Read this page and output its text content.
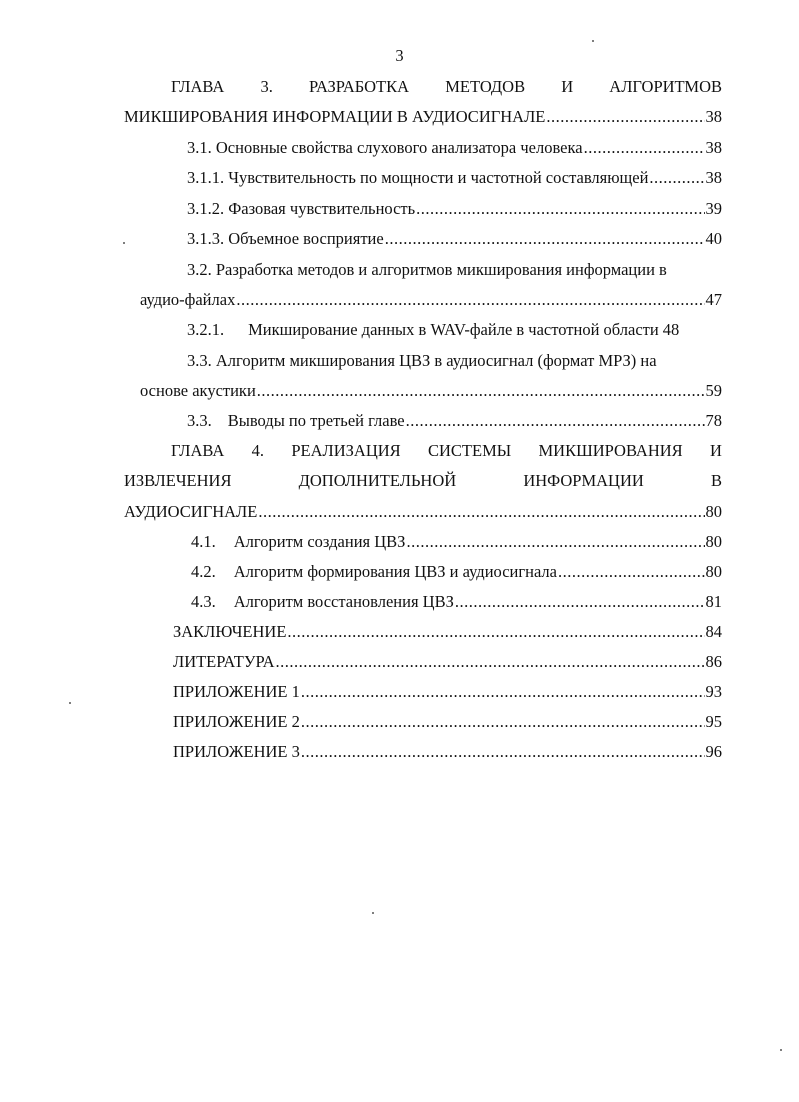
3
ГЛАВА 3. РАЗРАБОТКА МЕТОДОВ И АЛГОРИТМОВ
МИКШИРОВАНИЯ ИНФОРМАЦИИ В АУДИОСИГНАЛЕ .....	38
3.1. Основные свойства слухового анализатора человека .....	38
3.1.1. Чувствительность по мощности и частотной составляющей .....	38
3.1.2. Фазовая чувствительность .....	39
3.1.3. Объемное восприятие .....	40
3.2. Разработка методов и алгоритмов микширования информации в
аудио-файлах .....	47
3.2.1. Микширование данных в WAV-файле в частотной области 48
3.3. Алгоритм микширования ЦВЗ в аудиосигнал (формат МРЗ) на
основе акустики .....	59
3.3. Выводы по третьей главе .....	78
ГЛАВА 4. РЕАЛИЗАЦИЯ СИСТЕМЫ МИКШИРОВАНИЯ И
ИЗВЛЕЧЕНИЯ	ДОПОЛНИТЕЛЬНОЙ	ИНФОРМАЦИИ	В
АУДИОСИГНАЛЕ .....	80
4.1. Алгоритм создания ЦВЗ .....	80
4.2. Алгоритм формирования ЦВЗ и аудиосигнала .....	80
4.3. Алгоритм восстановления ЦВЗ .....	81
ЗАКЛЮЧЕНИЕ .....	84
ЛИТЕРАТУРА .....	86
ПРИЛОЖЕНИЕ 1 .....	93
ПРИЛОЖЕНИЕ 2 .....	95
ПРИЛОЖЕНИЕ 3 .....	96
